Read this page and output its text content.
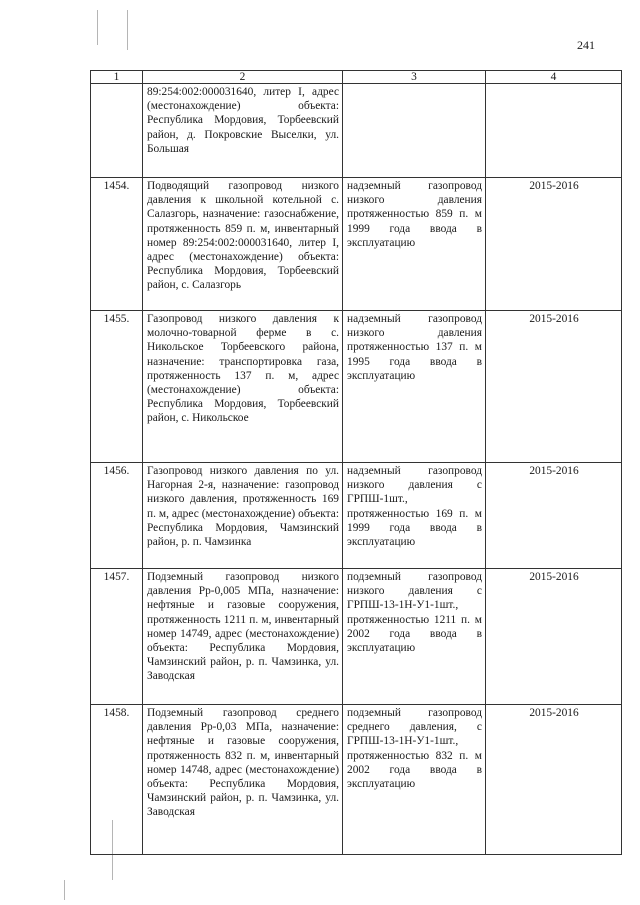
241
1	2	3	4
	89:254:002:000031640, литер I, адрес (местонахождение) объекта: Республика Мордовия, Торбеевский район, д. Покровские Выселки, ул. Большая		
1454.	Подводящий газопровод низкого давления к школьной котельной с. Салазгорь, назначение: газоснабжение, протяженность 859 п. м, инвентарный номер 89:254:002:000031640, литер I, адрес (местонахождение) объекта: Республика Мордовия, Торбеевский район, с. Салазгорь	надземный газопровод низкого давления протяженностью 859 п. м 1999 года ввода в эксплуатацию	2015-2016
1455.	Газопровод низкого давления к молочно-товарной ферме в с. Никольское Торбеевского района, назначение: транспортировка газа, протяженность 137 п. м, адрес (местонахождение) объекта: Республика Мордовия, Торбеевский район, с. Никольское	надземный газопровод низкого давления протяженностью 137 п. м 1995 года ввода в эксплуатацию	2015-2016
1456.	Газопровод низкого давления по ул. Нагорная 2-я, назначение: газопровод низкого давления, протяженность 169 п. м, адрес (местонахождение) объекта: Республика Мордовия, Чамзинский район, р. п. Чамзинка	надземный газопровод низкого давления с ГРПШ-1шт., протяженностью 169 п. м 1999 года ввода в эксплуатацию	2015-2016
1457.	Подземный газопровод низкого давления Рр-0,005 МПа, назначение: нефтяные и газовые сооружения, протяженность 1211 п. м, инвентарный номер 14749, адрес (местонахождение) объекта: Республика Мордовия, Чамзинский район, р. п. Чамзинка, ул. Заводская	подземный газопровод низкого давления с ГРПШ-13-1Н-У1-1шт., протяженностью 1211 п. м 2002 года ввода в эксплуатацию	2015-2016
1458.	Подземный газопровод среднего давления Рр-0,03 МПа, назначение: нефтяные и газовые сооружения, протяженность 832 п. м, инвентарный номер 14748, адрес (местонахождение) объекта: Республика Мордовия, Чамзинский район, р. п. Чамзинка, ул. Заводская	подземный газопровод среднего давления, с ГРПШ-13-1Н-У1-1шт., протяженностью 832 п. м 2002 года ввода в эксплуатацию	2015-2016
